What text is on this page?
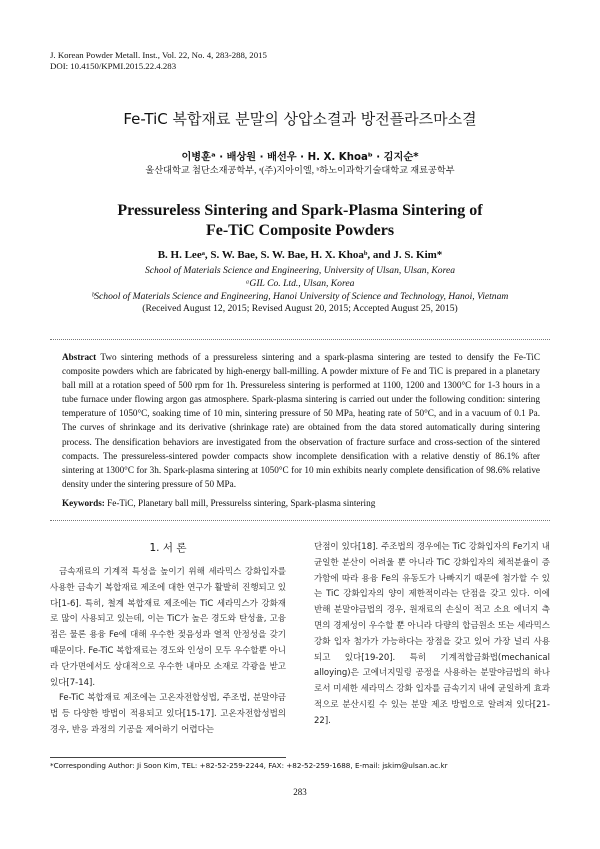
J. Korean Powder Metall. Inst., Vol. 22, No. 4, 283-288, 2015
DOI: 10.4150/KPMI.2015.22.4.283
Fe-TiC 복합재료 분말의 상압소결과 방전플라즈마소결
이병훈ᵃ · 배상원 · 배선우 · H. X. Khoaᵇ · 김지순*
울산대학교 첨단소재공학부, ᵃ(주)지아이엘, ᵇ하노이과학기술대학교 재료공학부
Pressureless Sintering and Spark-Plasma Sintering of
Fe-TiC Composite Powders
B. H. Leeᵃ, S. W. Bae, S. W. Bae, H. X. Khoaᵇ, and J. S. Kim*
School of Materials Science and Engineering, University of Ulsan, Ulsan, Korea
ᵃGIL Co. Ltd., Ulsan, Korea
ᵇSchool of Materials Science and Engineering, Hanoi University of Science and Technology, Hanoi, Vietnam
(Received August 12, 2015; Revised August 20, 2015; Accepted August 25, 2015)
Abstract Two sintering methods of a pressureless sintering and a spark-plasma sintering are tested to densify the Fe-TiC composite powders which are fabricated by high-energy ball-milling. A powder mixture of Fe and TiC is prepared in a planetary ball mill at a rotation speed of 500 rpm for 1h. Pressureless sintering is performed at 1100, 1200 and 1300°C for 1-3 hours in a tube furnace under flowing argon gas atmosphere. Spark-plasma sintering is carried out under the following condition: sintering temperature of 1050°C, soaking time of 10 min, sintering pressure of 50 MPa, heating rate of 50°C, and in a vacuum of 0.1 Pa. The curves of shrinkage and its derivative (shrinkage rate) are obtained from the data stored automatically during sintering process. The densification behaviors are investigated from the observation of fracture surface and cross-section of the sintered compacts. The pressureless-sintered powder compacts show incomplete densification with a relative denstiy of 86.1% after sintering at 1300°C for 3h. Spark-plasma sintering at 1050°C for 10 min exhibits nearly complete densification of 98.6% relative density under the sintering pressure of 50 MPa.
Keywords: Fe-TiC, Planetary ball mill, Pressurelss sintering, Spark-plasma sintering
1. 서 론

금속재료의 기계적 특성을 높이기 위해 세라믹스 강화입자를 사용한 금속기 복합재료 제조에 대한 연구가 활발히 진행되고 있다[1-6]. 특히, 철계 복합재료 제조에는 TiC 세라믹스가 강화재로 많이 사용되고 있는데, 이는 TiC가 높은 경도와 탄성율, 고융점은 물론 용융 Fe에 대해 우수한 젖음성과 열적 안정성을 갖기 때문이다. Fe-TiC 복합재료는 경도와 인성이 모두 우수할뿐 아니라 단가면에서도 상대적으로 우수한 내마모 소재로 각광을 받고 있다[7-14].

Fe-TiC 복합재료 제조에는 고온자전합성법, 주조법, 분말야금법 등 다양한 방법이 적용되고 있다[15-17]. 고온자전합성법의 경우, 반응 과정의 기공을 제어하기 어렵다는

단점이 있다[18]. 주조법의 경우에는 TiC 강화입자의 Fe기지 내 균일한 분산이 어려울 뿐 아니라 TiC 강화입자의 체적분율이 증가함에 따라 용융 Fe의 유동도가 나빠지기 때문에 첨가할 수 있는 TiC 강화입자의 양이 제한적이라는 단점을 갖고 있다. 이에 반해 분말야금법의 경우, 원재료의 손실이 적고 소요 에너지 측면의 경제성이 우수할 뿐 아니라 다량의 합금원소 또는 세라믹스 강화 입자 첨가가 가능하다는 장점을 갖고 있어 가장 널리 사용되고 있다[19-20]. 특히 기계적합금화법(mechanical alloying)은 고에너지밀링 공정을 사용하는 분말야금법의 하나로서 미세한 세라믹스 강화 입자를 금속기지 내에 균일하게 효과적으로 분산시킬 수 있는 분말 제조 방법으로 알려져 있다[21-22].

*Corresponding Author: Ji Soon Kim, TEL: +82-52-259-2244, FAX: +82-52-259-1688, E-mail: jskim@ulsan.ac.kr
283
